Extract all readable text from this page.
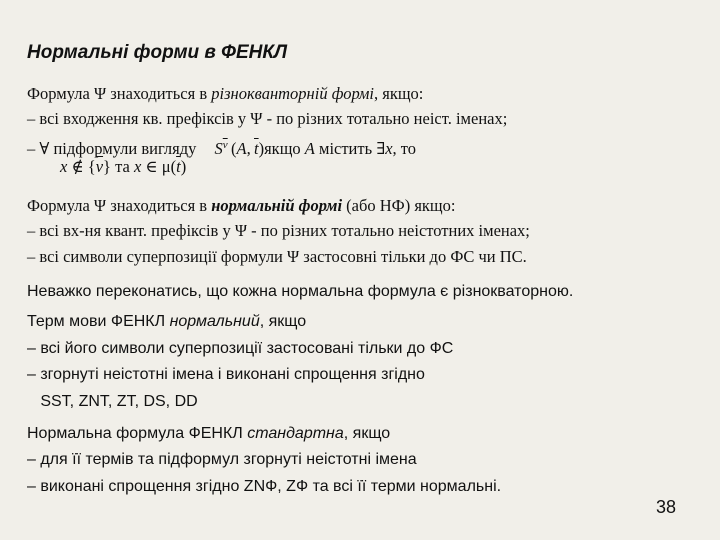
Нормальні форми в ФЕНКЛ
Формула Ψ знаходиться в різнокванторній формі, якщо:
– всі входження кв. префіксів у Ψ - по різних тотально неіст. іменах;
– ∀ підформули вигляду $S^{\overline{v}}$ (A, $\overline{t})якщо$ A містить ∃x, то
x ∉ $\{\overline{v}\}$ та x ∈ $\mu(\overline{t})$
Формула Ψ знаходиться в нормальній формі (або НФ) якщо:
– всі вх-ня квант. префіксів у Ψ - по різних тотально неістотних іменах;
– всі символи суперпозиції формули Ψ застосовні тільки до ФС чи ПС.
Неважко переконатись, що кожна нормальна формула є різнокваторною.
Терм мови ФЕНКЛ нормальний, якщо
– всі його символи суперпозиції застосовані тільки до ФС
– згорнуті неістотні імена і виконані спрощення згідно
SST, ZNT, ZT, DS, DD
Нормальна формула ФЕНКЛ стандартна, якщо
– для її термів та підформул згорнуті неістотні імена
– виконані спрощення згідно ZNФ, ZФ та всі її терми нормальні.
38
